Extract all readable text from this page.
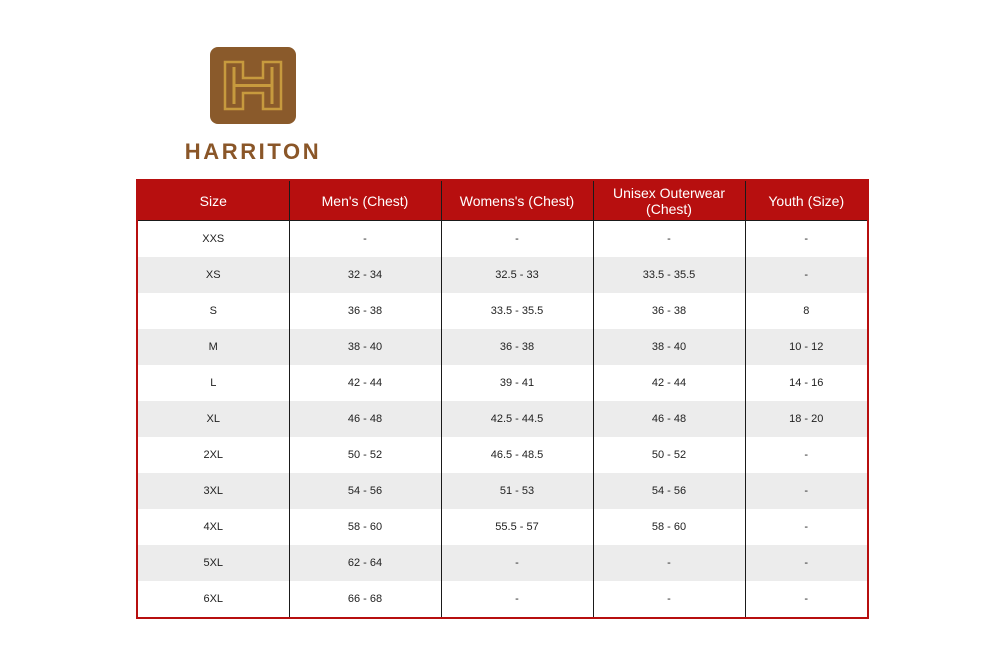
HARRITON
Size	Men's (Chest)	Womens's (Chest)	Unisex Outerwear (Chest)	Youth (Size)
XXS	-	-	-	-
XS	32 - 34	32.5 - 33	33.5 - 35.5	-
S	36 - 38	33.5 - 35.5	36 - 38	8
M	38 - 40	36 - 38	38 - 40	10 - 12
L	42 - 44	39 - 41	42 - 44	14 - 16
XL	46 - 48	42.5 - 44.5	46 - 48	18 - 20
2XL	50 - 52	46.5 - 48.5	50 - 52	-
3XL	54 - 56	51 - 53	54 - 56	-
4XL	58 - 60	55.5 - 57	58 - 60	-
5XL	62 - 64	-	-	-
6XL	66 - 68	-	-	-
